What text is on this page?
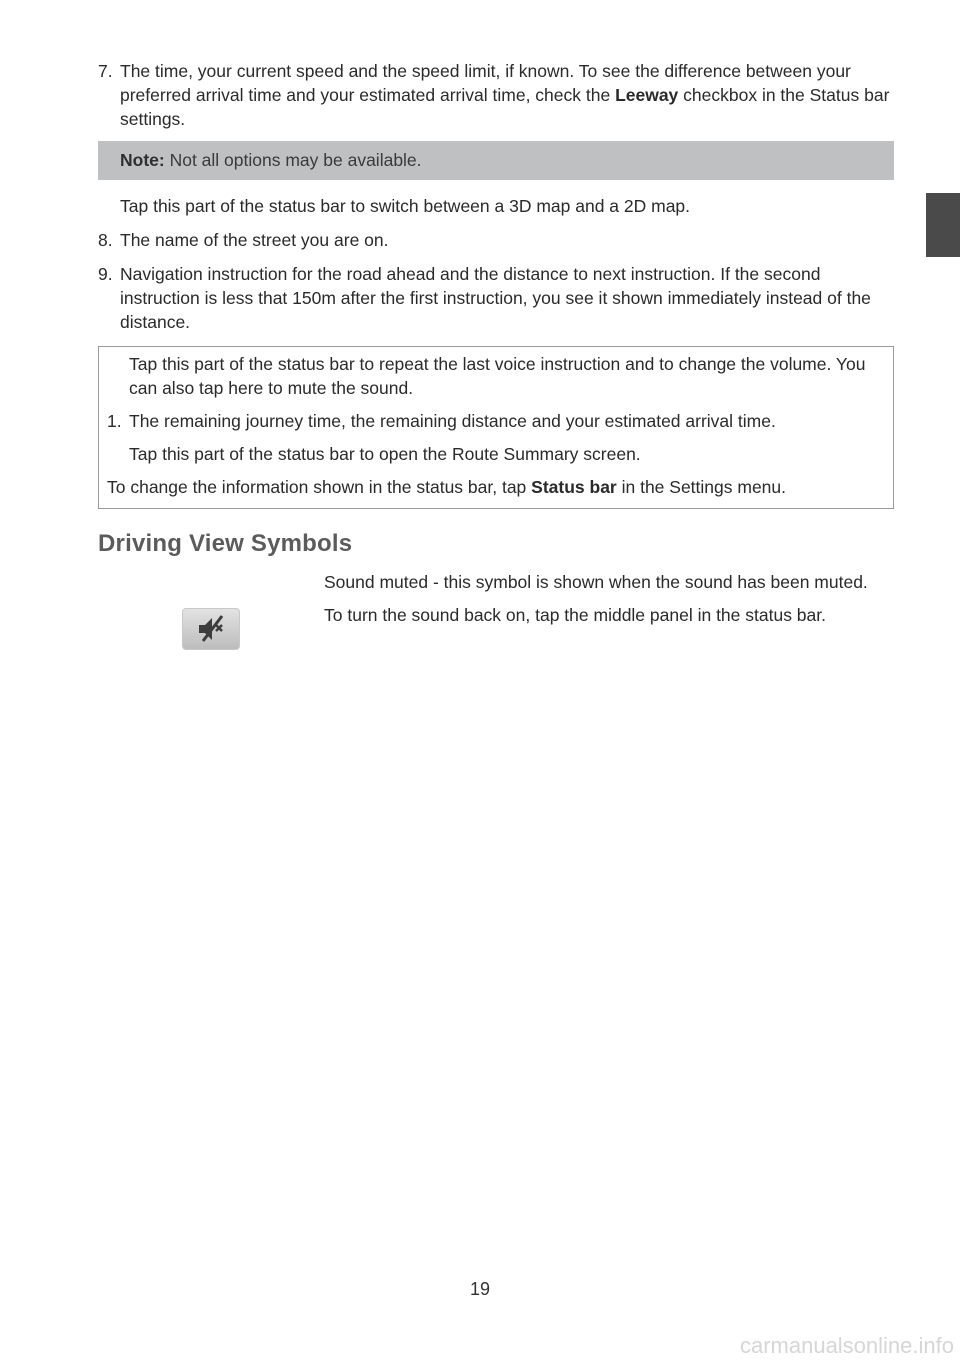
7. The time, your current speed and the speed limit, if known. To see the difference between your preferred arrival time and your estimated arrival time, check the Leeway checkbox in the Status bar settings.
Note: Not all options may be available.
Tap this part of the status bar to switch between a 3D map and a 2D map.
8. The name of the street you are on.
9. Navigation instruction for the road ahead and the distance to next instruction. If the second instruction is less that 150m after the first instruction, you see it shown immediately instead of the distance.
Tap this part of the status bar to repeat the last voice instruction and to change the volume. You can also tap here to mute the sound.
1. The remaining journey time, the remaining distance and your estimated arrival time.
Tap this part of the status bar to open the Route Summary screen.
To change the information shown in the status bar, tap Status bar in the Settings menu.
Driving View Symbols

Sound muted - this symbol is shown when the sound has been muted.

To turn the sound back on, tap the middle panel in the status bar.

19
carmanualsonline.info
